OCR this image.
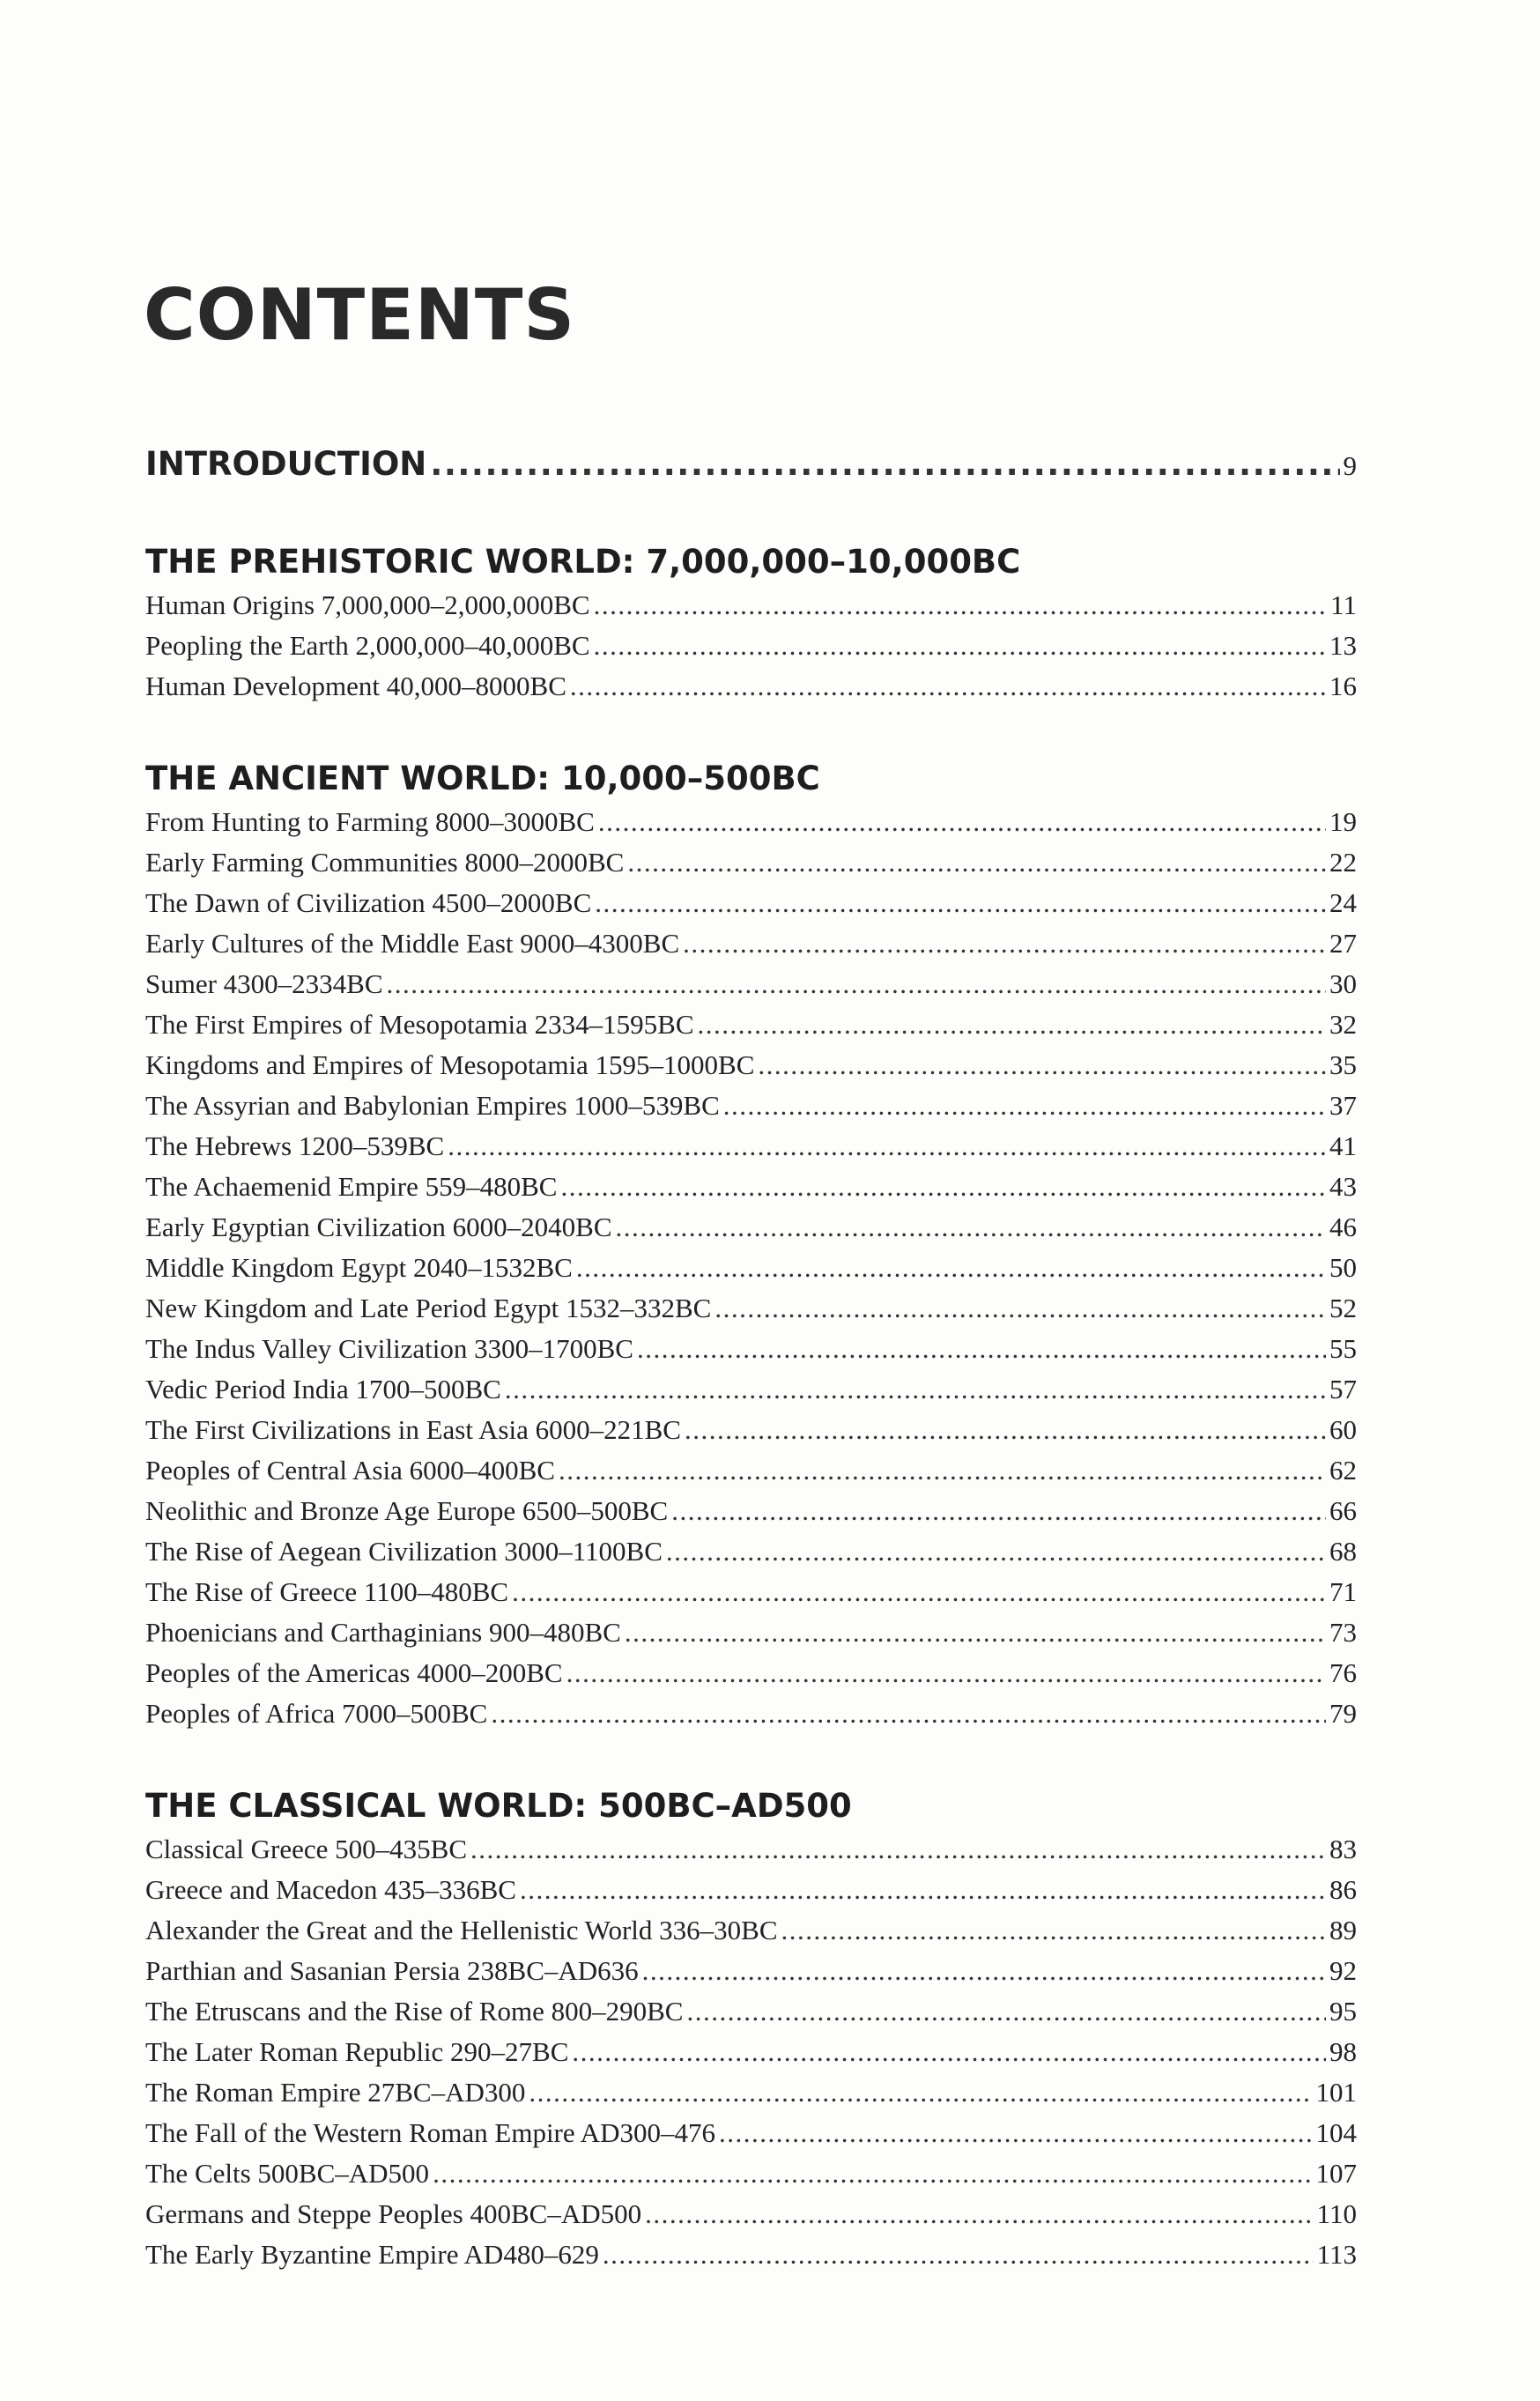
CONTENTS
INTRODUCTION .....	9
THE PREHISTORIC WORLD: 7,000,000–10,000BC
Human Origins 7,000,000–2,000,000BC .....	11
Peopling the Earth 2,000,000–40,000BC .....	13
Human Development 40,000–8000BC .....	16
THE ANCIENT WORLD: 10,000–500BC
From Hunting to Farming 8000–3000BC .....	19
Early Farming Communities 8000–2000BC .....	22
The Dawn of Civilization 4500–2000BC .....	24
Early Cultures of the Middle East 9000–4300BC .....	27
Sumer 4300–2334BC .....	30
The First Empires of Mesopotamia 2334–1595BC .....	32
Kingdoms and Empires of Mesopotamia 1595–1000BC .....	35
The Assyrian and Babylonian Empires 1000–539BC .....	37
The Hebrews 1200–539BC .....	41
The Achaemenid Empire 559–480BC .....	43
Early Egyptian Civilization 6000–2040BC .....	46
Middle Kingdom Egypt 2040–1532BC .....	50
New Kingdom and Late Period Egypt 1532–332BC .....	52
The Indus Valley Civilization 3300–1700BC .....	55
Vedic Period India 1700–500BC .....	57
The First Civilizations in East Asia 6000–221BC .....	60
Peoples of Central Asia 6000–400BC .....	62
Neolithic and Bronze Age Europe 6500–500BC .....	66
The Rise of Aegean Civilization 3000–1100BC .....	68
The Rise of Greece 1100–480BC .....	71
Phoenicians and Carthaginians 900–480BC .....	73
Peoples of the Americas 4000–200BC .....	76
Peoples of Africa 7000–500BC .....	79
THE CLASSICAL WORLD: 500BC–AD500
Classical Greece 500–435BC .....	83
Greece and Macedon 435–336BC .....	86
Alexander the Great and the Hellenistic World 336–30BC .....	89
Parthian and Sasanian Persia 238BC–AD636 .....	92
The Etruscans and the Rise of Rome 800–290BC .....	95
The Later Roman Republic 290–27BC .....	98
The Roman Empire 27BC–AD300 .....	101
The Fall of the Western Roman Empire AD300–476 .....	104
The Celts 500BC–AD500 .....	107
Germans and Steppe Peoples 400BC–AD500 .....	110
The Early Byzantine Empire AD480–629 .....	113
